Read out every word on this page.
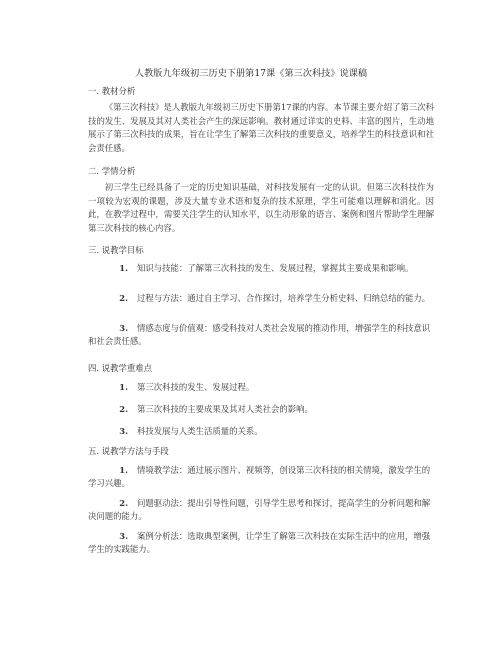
人教版九年级初三历史下册第17课《第三次科技》说课稿
一. 教材分析
《第三次科技》是人教版九年级初三历史下册第17课的内容。本节课主要介绍了第三次科技的发生、发展及其对人类社会产生的深远影响。教材通过详实的史料、丰富的图片，生动地展示了第三次科技的成果，旨在让学生了解第三次科技的重要意义，培养学生的科技意识和社会责任感。
二. 学情分析
初三学生已经具备了一定的历史知识基础，对科技发展有一定的认识。但第三次科技作为一项较为宏观的课题，涉及大量专业术语和复杂的技术原理，学生可能难以理解和消化。因此，在教学过程中，需要关注学生的认知水平，以生动形象的语言、案例和图片帮助学生理解第三次科技的核心内容。
三. 说教学目标
1. 知识与技能：了解第三次科技的发生、发展过程，掌握其主要成果和影响。
2. 过程与方法：通过自主学习、合作探讨，培养学生分析史料、归纳总结的能力。
3. 情感态度与价值观：感受科技对人类社会发展的推动作用，增强学生的科技意识和社会责任感。
四. 说教学重难点
1. 第三次科技的发生、发展过程。
2. 第三次科技的主要成果及其对人类社会的影响。
3. 科技发展与人类生活质量的关系。
五. 说教学方法与手段
1. 情境教学法：通过展示图片、视频等，创设第三次科技的相关情境，激发学生的学习兴趣。
2. 问题驱动法：提出引导性问题，引导学生思考和探讨，提高学生的分析问题和解决问题的能力。
3. 案例分析法：选取典型案例，让学生了解第三次科技在实际生活中的应用，增强学生的实践能力。
